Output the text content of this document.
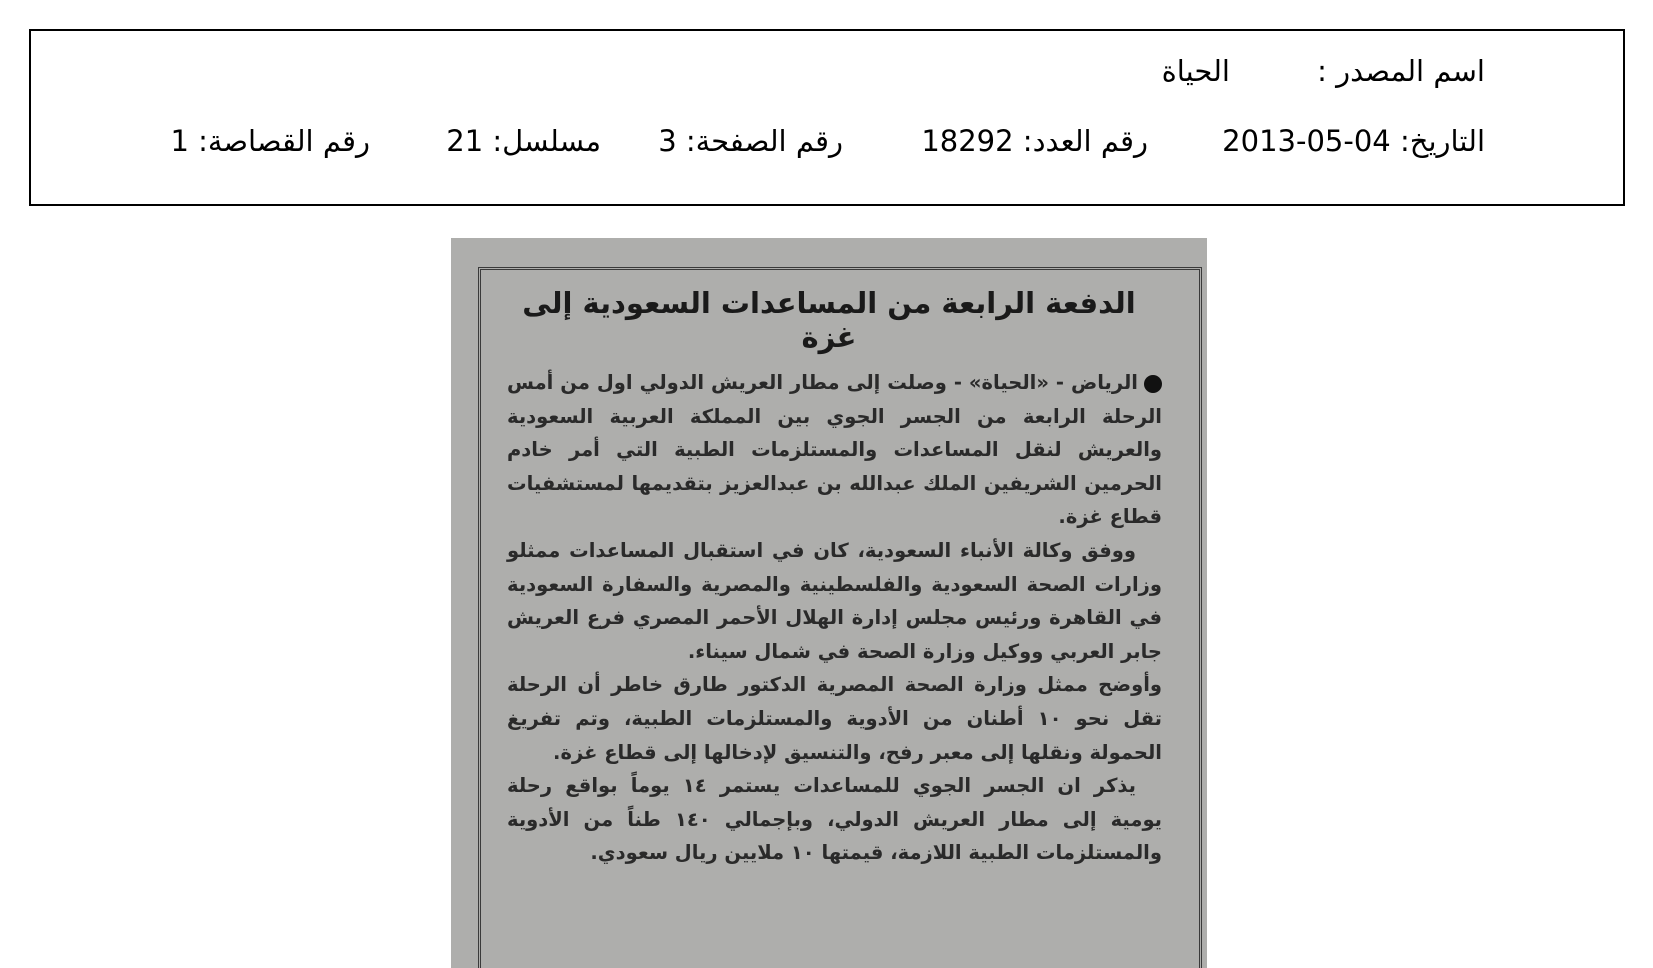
اسم المصدر :
الحياة
التاريخ: 04-05-2013
رقم العدد: 18292
رقم الصفحة: 3
مسلسل: 21
رقم القصاصة: 1
الدفعة الرابعة من المساعدات السعودية إلى غزة

الرياض - «الحياة» - وصلت إلى مطار العريش الدولي اول من أمس الرحلة الرابعة من الجسر الجوي بين المملكة العربية السعودية والعريش لنقل المساعدات والمستلزمات الطبية التي أمر خادم الحرمين الشريفين الملك عبدالله بن عبدالعزيز بتقديمها لمستشفيات قطاع غزة.

ووفق وكالة الأنباء السعودية، كان في استقبال المساعدات ممثلو وزارات الصحة السعودية والفلسطينية والمصرية والسفارة السعودية في القاهرة ورئيس مجلس إدارة الهلال الأحمر المصري فرع العريش جابر العربي ووكيل وزارة الصحة في شمال سيناء.

وأوضح ممثل وزارة الصحة المصرية الدكتور طارق خاطر أن الرحلة تقل نحو ١٠ أطنان من الأدوية والمستلزمات الطبية، وتم تفريغ الحمولة ونقلها إلى معبر رفح، والتنسيق لإدخالها إلى قطاع غزة.

يذكر ان الجسر الجوي للمساعدات يستمر ١٤ يوماً بواقع رحلة يومية إلى مطار العريش الدولي، وبإجمالي ١٤٠ طناً من الأدوية والمستلزمات الطبية اللازمة، قيمتها ١٠ ملايين ريال سعودي.
